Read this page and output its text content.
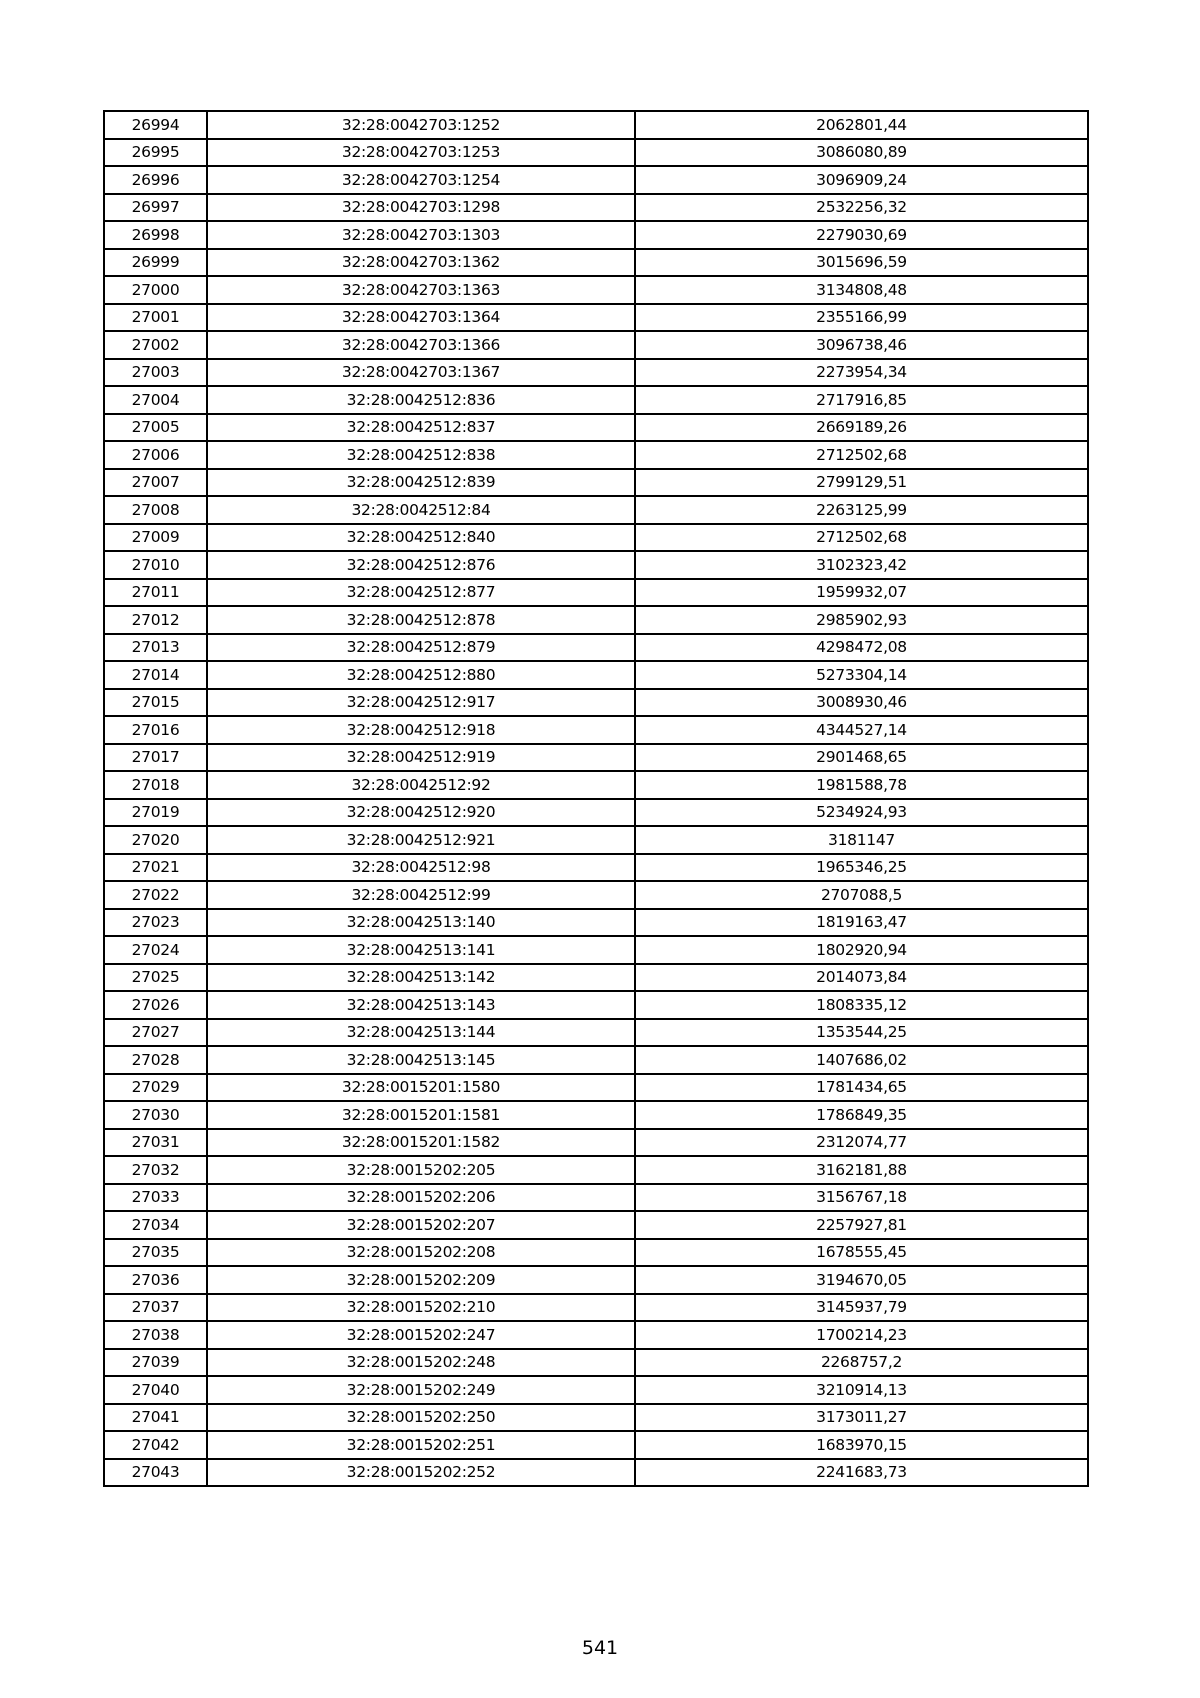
26994	32:28:0042703:1252	2062801,44
26995	32:28:0042703:1253	3086080,89
26996	32:28:0042703:1254	3096909,24
26997	32:28:0042703:1298	2532256,32
26998	32:28:0042703:1303	2279030,69
26999	32:28:0042703:1362	3015696,59
27000	32:28:0042703:1363	3134808,48
27001	32:28:0042703:1364	2355166,99
27002	32:28:0042703:1366	3096738,46
27003	32:28:0042703:1367	2273954,34
27004	32:28:0042512:836	2717916,85
27005	32:28:0042512:837	2669189,26
27006	32:28:0042512:838	2712502,68
27007	32:28:0042512:839	2799129,51
27008	32:28:0042512:84	2263125,99
27009	32:28:0042512:840	2712502,68
27010	32:28:0042512:876	3102323,42
27011	32:28:0042512:877	1959932,07
27012	32:28:0042512:878	2985902,93
27013	32:28:0042512:879	4298472,08
27014	32:28:0042512:880	5273304,14
27015	32:28:0042512:917	3008930,46
27016	32:28:0042512:918	4344527,14
27017	32:28:0042512:919	2901468,65
27018	32:28:0042512:92	1981588,78
27019	32:28:0042512:920	5234924,93
27020	32:28:0042512:921	3181147
27021	32:28:0042512:98	1965346,25
27022	32:28:0042512:99	2707088,5
27023	32:28:0042513:140	1819163,47
27024	32:28:0042513:141	1802920,94
27025	32:28:0042513:142	2014073,84
27026	32:28:0042513:143	1808335,12
27027	32:28:0042513:144	1353544,25
27028	32:28:0042513:145	1407686,02
27029	32:28:0015201:1580	1781434,65
27030	32:28:0015201:1581	1786849,35
27031	32:28:0015201:1582	2312074,77
27032	32:28:0015202:205	3162181,88
27033	32:28:0015202:206	3156767,18
27034	32:28:0015202:207	2257927,81
27035	32:28:0015202:208	1678555,45
27036	32:28:0015202:209	3194670,05
27037	32:28:0015202:210	3145937,79
27038	32:28:0015202:247	1700214,23
27039	32:28:0015202:248	2268757,2
27040	32:28:0015202:249	3210914,13
27041	32:28:0015202:250	3173011,27
27042	32:28:0015202:251	1683970,15
27043	32:28:0015202:252	2241683,73
541
